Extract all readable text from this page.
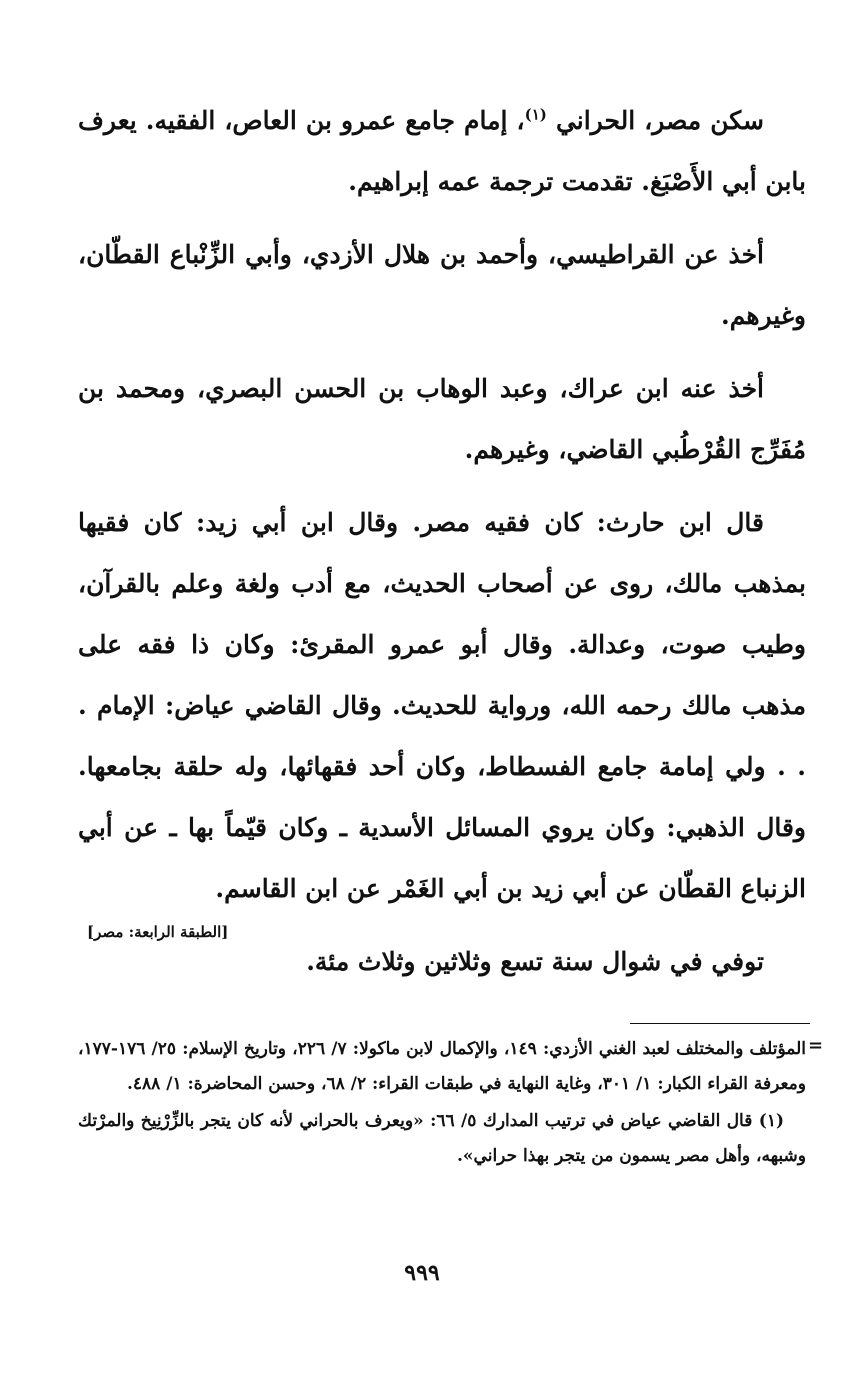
سكن مصر، الحراني $^{(١)}$، إمام جامع عمرو بن العاص، الفقيه. يعرف بابن أبي الأَصْبَغ. تقدمت ترجمة عمه إبراهيم.

أخذ عن القراطيسي، وأحمد بن هلال الأزدي، وأبي الزِّنْباع القطّان، وغيرهم.

أخذ عنه ابن عراك، وعبد الوهاب بن الحسن البصري، ومحمد بن مُفَرِّج القُرْطُبي القاضي، وغيرهم.

قال ابن حارث: كان فقيه مصر. وقال ابن أبي زيد: كان فقيها بمذهب مالك، روى عن أصحاب الحديث، مع أدب ولغة وعلم بالقرآن، وطيب صوت، وعدالة. وقال أبو عمرو المقرئ: وكان ذا فقه على مذهب مالك رحمه الله، ورواية للحديث. وقال القاضي عياض: الإمام . . . ولي إمامة جامع الفسطاط، وكان أحد فقهائها، وله حلقة بجامعها. وقال الذهبي: وكان يروي المسائل الأسدية ـ وكان قيّماً بها ـ عن أبي الزنباع القطّان عن أبي زيد بن أبي الغَمْر عن ابن القاسم.

توفي في شوال سنة تسع وثلاثين وثلاث مئة.

[الطبقة الرابعة: مصر]
=

المؤتلف والمختلف لعبد الغني الأزدي: ١٤٩، والإكمال لابن ماكولا: ٧/ ٢٢٦، وتاريخ الإسلام: ٢٥/ ١٧٦-١٧٧، ومعرفة القراء الكبار: ١/ ٣٠١، وغاية النهاية في طبقات القراء: ٢/ ٦٨، وحسن المحاضرة: ١/ ٤٨٨.

(١) قال القاضي عياض في ترتيب المدارك ٥/ ٦٦: «ويعرف بالحراني لأنه كان يتجر بالزِّرْنِيخ والمرْتك وشبهه، وأهل مصر يسمون من يتجر بهذا حراني».

٩٩٩
